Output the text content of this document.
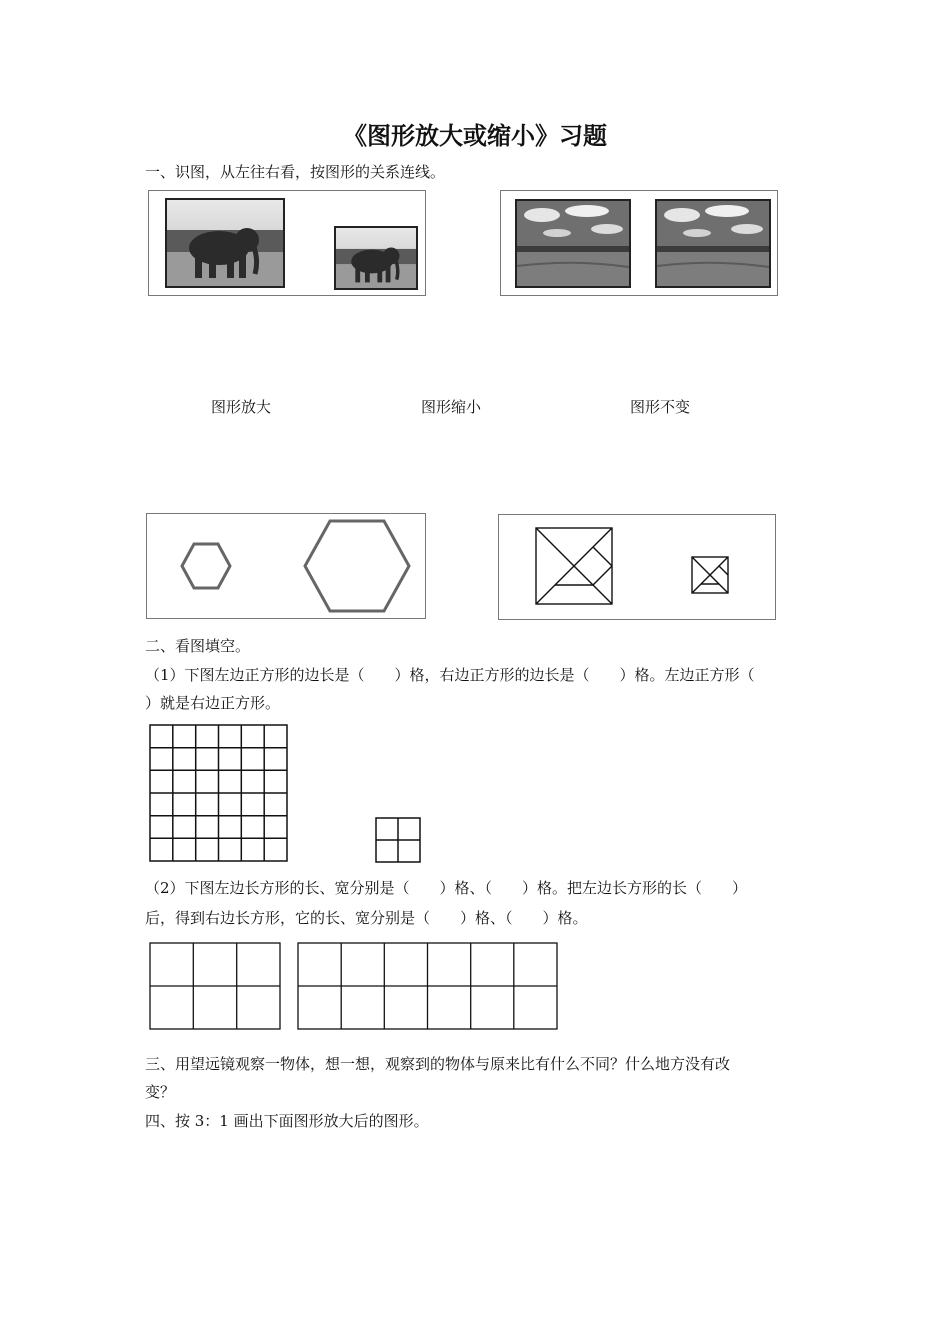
《图形放大或缩小》习题
一、识图，从左往右看，按图形的关系连线。
图形放大	图形缩小	图形不变
二、看图填空。
（1）下图左边正方形的边长是（　　）格，右边正方形的边长是（　　）格。左边正方形（
）就是右边正方形。
（2）下图左边长方形的长、宽分别是（　　）格、（　　）格。把左边长方形的长（　　）
后，得到右边长方形，它的长、宽分别是（　　）格、（　　）格。
三、用望远镜观察一物体，想一想，观察到的物体与原来比有什么不同？什么地方没有改
变？
四、按 3：1 画出下面图形放大后的图形。
